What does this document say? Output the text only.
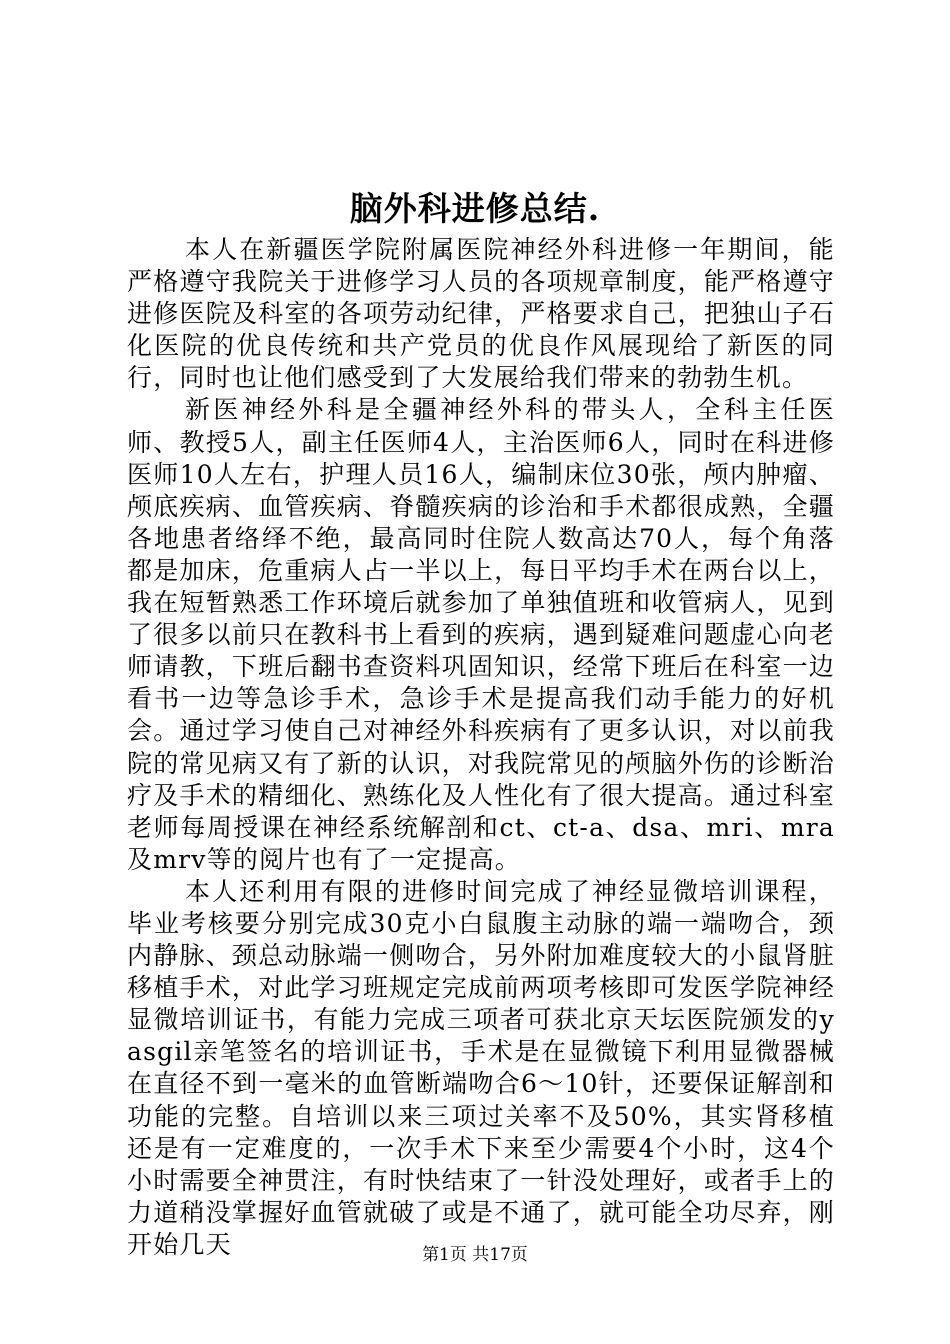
脑外科进修总结.

本人在新疆医学院附属医院神经外科进修一年期间，能严格遵守我院关于进修学习人员的各项规章制度，能严格遵守进修医院及科室的各项劳动纪律，严格要求自己，把独山子石化医院的优良传统和共产党员的优良作风展现给了新医的同行，同时也让他们感受到了大发展给我们带来的勃勃生机。

新医神经外科是全疆神经外科的带头人，全科主任医师、教授5人，副主任医师4人，主治医师6人，同时在科进修医师10人左右，护理人员16人，编制床位30张，颅内肿瘤、颅底疾病、血管疾病、脊髓疾病的诊治和手术都很成熟，全疆各地患者络绎不绝，最高同时住院人数高达70人，每个角落都是加床，危重病人占一半以上，每日平均手术在两台以上，我在短暂熟悉工作环境后就参加了单独值班和收管病人，见到了很多以前只在教科书上看到的疾病，遇到疑难问题虚心向老师请教，下班后翻书查资料巩固知识，经常下班后在科室一边看书一边等急诊手术，急诊手术是提高我们动手能力的好机会。通过学习使自己对神经外科疾病有了更多认识，对以前我院的常见病又有了新的认识，对我院常见的颅脑外伤的诊断治疗及手术的精细化、熟练化及人性化有了很大提高。通过科室老师每周授课在神经系统解剖和ct、ct-a、dsa、mri、mra及mrv等的阅片也有了一定提高。

本人还利用有限的进修时间完成了神经显微培训课程，毕业考核要分别完成30克小白鼠腹主动脉的端一端吻合，颈内静脉、颈总动脉端一侧吻合，另外附加难度较大的小鼠肾脏移植手术，对此学习班规定完成前两项考核即可发医学院神经显微培训证书，有能力完成三项者可获北京天坛医院颁发的yasgil亲笔签名的培训证书，手术是在显微镜下利用显微器械在直径不到一毫米的血管断端吻合6～10针，还要保证解剖和功能的完整。自培训以来三项过关率不及50%，其实肾移植还是有一定难度的，一次手术下来至少需要4个小时，这4个小时需要全神贯注，有时快结束了一针没处理好，或者手上的力道稍没掌握好血管就破了或是不通了，就可能全功尽弃，刚开始几天	第1页 共17页
